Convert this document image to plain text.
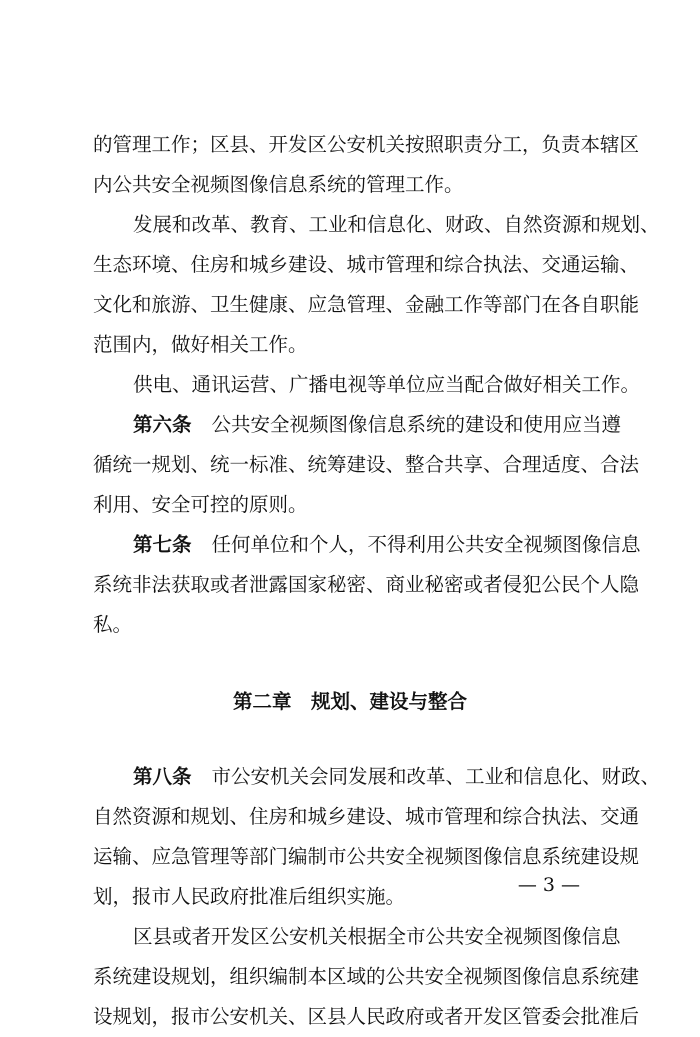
的管理工作；区县、开发区公安机关按照职责分工，负责本辖区
内公共安全视频图像信息系统的管理工作。
发展和改革、教育、工业和信息化、财政、自然资源和规划、
生态环境、住房和城乡建设、城市管理和综合执法、交通运输、
文化和旅游、卫生健康、应急管理、金融工作等部门在各自职能
范围内，做好相关工作。
供电、通讯运营、广播电视等单位应当配合做好相关工作。
第六条 公共安全视频图像信息系统的建设和使用应当遵
循统一规划、统一标准、统筹建设、整合共享、合理适度、合法
利用、安全可控的原则。
第七条 任何单位和个人，不得利用公共安全视频图像信息
系统非法获取或者泄露国家秘密、商业秘密或者侵犯公民个人隐
私。
第二章　规划、建设与整合
第八条 市公安机关会同发展和改革、工业和信息化、财政、
自然资源和规划、住房和城乡建设、城市管理和综合执法、交通
运输、应急管理等部门编制市公共安全视频图像信息系统建设规
划，报市人民政府批准后组织实施。
区县或者开发区公安机关根据全市公共安全视频图像信息
系统建设规划，组织编制本区域的公共安全视频图像信息系统建
设规划，报市公安机关、区县人民政府或者开发区管委会批准后
— 3 —
